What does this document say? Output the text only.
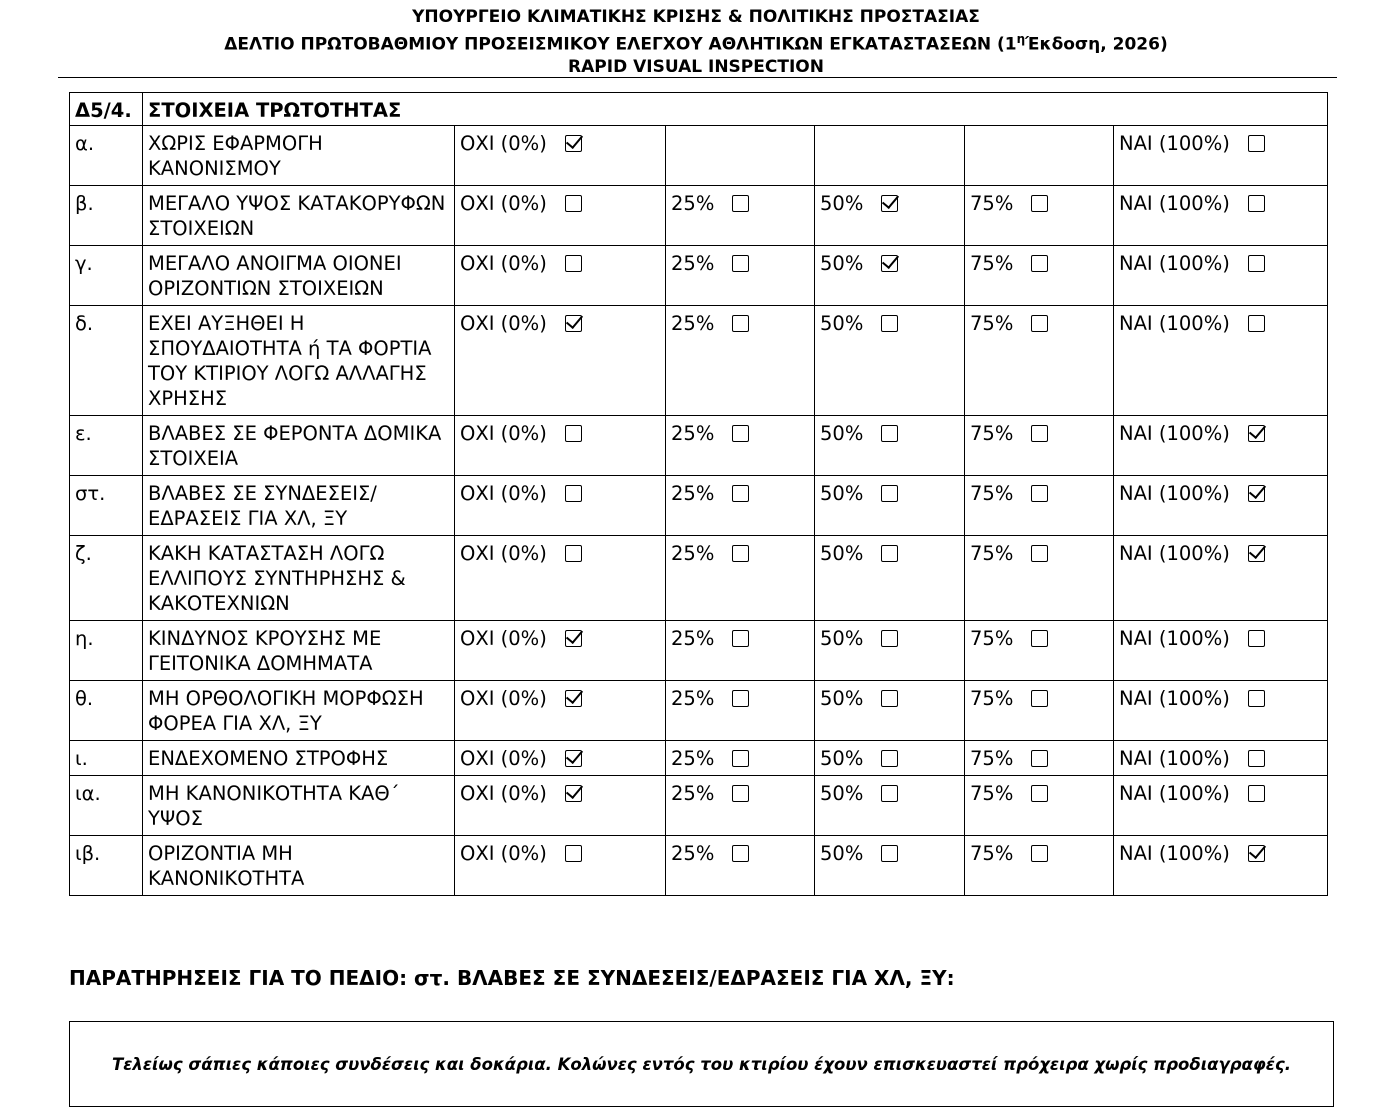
ΥΠΟΥΡΓΕΙΟ ΚΛΙΜΑΤΙΚΗΣ ΚΡΙΣΗΣ & ΠΟΛΙΤΙΚΗΣ ΠΡΟΣΤΑΣΙΑΣ
ΔΕΛΤΙΟ ΠΡΩΤΟΒΑΘΜΙΟΥ ΠΡΟΣΕΙΣΜΙΚΟΥ ΕΛΕΓΧΟΥ ΑΘΛΗΤΙΚΩΝ ΕΓΚΑΤΑΣΤΑΣΕΩΝ ($1^\eta Έ\kappa\delta o\sigma\eta$, 2026)
RAPID VISUAL INSPECTION
Δ5/4.	ΣΤΟΙΧΕΙΑ ΤΡΩΤΟΤΗΤΑΣ					
α.	ΧΩΡΙΣ ΕΦΑΡΜΟΓΗ ΚΑΝΟΝΙΣΜΟΥ	ΟΧΙ (0%)				ΝΑΙ (100%)

β.	ΜΕΓΑΛΟ ΥΨΟΣ ΚΑΤΑΚΟΡΥΦΩΝ ΣΤΟΙΧΕΙΩΝ	ΟΧΙ (0%)	25%	50%	75%	ΝΑΙ (100%)

γ.	ΜΕΓΑΛΟ ΑΝΟΙΓΜΑ ΟΙΟΝΕΙ ΟΡΙΖΟΝΤΙΩΝ ΣΤΟΙΧΕΙΩΝ	ΟΧΙ (0%)	25%	50%	75%	ΝΑΙ (100%)

δ.	ΕΧΕΙ ΑΥΞΗΘΕΙ Η ΣΠΟΥΔΑΙΟΤΗΤΑ ή ΤΑ ΦΟΡΤΙΑ ΤΟΥ ΚΤΙΡΙΟΥ ΛΟΓΩ ΑΛΛΑΓΗΣ ΧΡΗΣΗΣ	ΟΧΙ (0%)	25%	50%	75%	ΝΑΙ (100%)

ε.	ΒΛΑΒΕΣ ΣΕ ΦΕΡΟΝΤΑ ΔΟΜΙΚΑ ΣΤΟΙΧΕΙΑ	ΟΧΙ (0%)	25%	50%	75%	ΝΑΙ (100%)

στ.	ΒΛΑΒΕΣ ΣΕ ΣΥΝΔΕΣΕΙΣ/ΕΔΡΑΣΕΙΣ ΓΙΑ ΧΛ, ΞΥ	ΟΧΙ (0%)	25%	50%	75%	ΝΑΙ (100%)

ζ.	ΚΑΚΗ ΚΑΤΑΣΤΑΣΗ ΛΟΓΩ ΕΛΛΙΠΟΥΣ ΣΥΝΤΗΡΗΣΗΣ & ΚΑΚΟΤΕΧΝΙΩΝ	ΟΧΙ (0%)	25%	50%	75%	ΝΑΙ (100%)

η.	ΚΙΝΔΥΝΟΣ ΚΡΟΥΣΗΣ ΜΕ ΓΕΙΤΟΝΙΚΑ ΔΟΜΗΜΑΤΑ	ΟΧΙ (0%)	25%	50%	75%	ΝΑΙ (100%)

θ.	ΜΗ ΟΡΘΟΛΟΓΙΚΗ ΜΟΡΦΩΣΗ ΦΟΡΕΑ ΓΙΑ ΧΛ, ΞΥ	ΟΧΙ (0%)	25%	50%	75%	ΝΑΙ (100%)

ι.	ΕΝΔΕΧΟΜΕΝΟ ΣΤΡΟΦΗΣ	ΟΧΙ (0%)	25%	50%	75%	ΝΑΙ (100%)

ια.	ΜΗ ΚΑΝΟΝΙΚΟΤΗΤΑ ΚΑΘ΄ ΥΨΟΣ	ΟΧΙ (0%)	25%	50%	75%	ΝΑΙ (100%)

ιβ.	ΟΡΙΖΟΝΤΙΑ ΜΗ ΚΑΝΟΝΙΚΟΤΗΤΑ	ΟΧΙ (0%)	25%	50%	75%	ΝΑΙ (100%)
ΠΑΡΑΤΗΡΗΣΕΙΣ ΓΙΑ ΤΟ ΠΕΔΙΟ: στ. ΒΛΑΒΕΣ ΣΕ ΣΥΝΔΕΣΕΙΣ/ΕΔΡΑΣΕΙΣ ΓΙΑ ΧΛ, ΞΥ:
Τελείως σάπιες κάποιες συνδέσεις και δοκάρια. Κολώνες εντός του κτιρίου έχουν επισκευαστεί πρόχειρα χωρίς προδιαγραφές.
